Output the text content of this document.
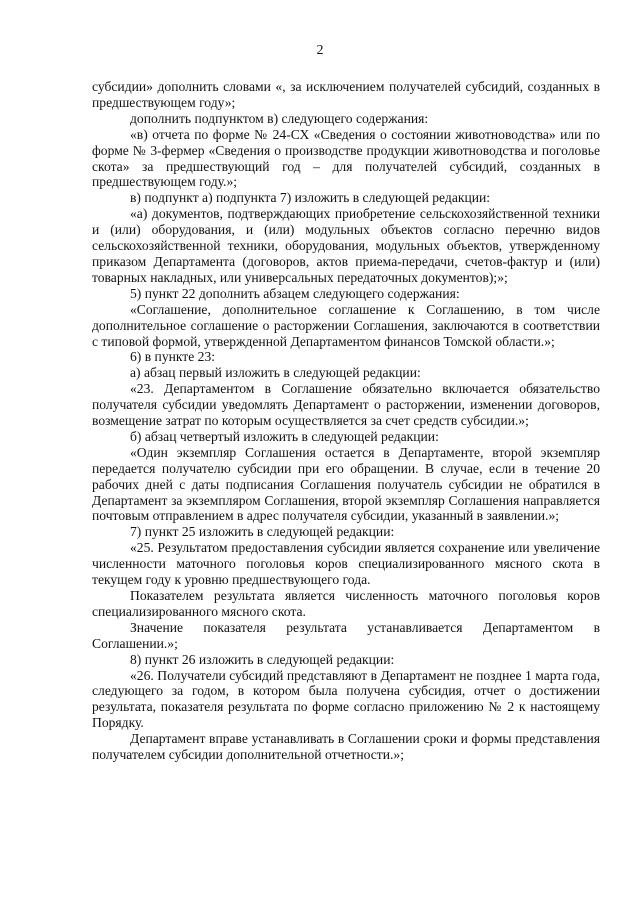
2

субсидии» дополнить словами «, за исключением получателей субсидий, созданных в предшествующем году»;

дополнить подпунктом в) следующего содержания:

«в) отчета по форме № 24-СХ «Сведения о состоянии животноводства» или по форме № 3-фермер «Сведения о производстве продукции животноводства и поголовье скота» за предшествующий год – для получателей субсидий, созданных в предшествующем году.»;

в) подпункт а) подпункта 7) изложить в следующей редакции:

«а) документов, подтверждающих приобретение сельскохозяйственной техники и (или) оборудования, и (или) модульных объектов согласно перечню видов сельскохозяйственной техники, оборудования, модульных объектов, утвержденному приказом Департамента (договоров, актов приема-передачи, счетов-фактур и (или) товарных накладных, или универсальных передаточных документов);»;

5) пункт 22 дополнить абзацем следующего содержания:

«Соглашение, дополнительное соглашение к Соглашению, в том числе дополнительное соглашение о расторжении Соглашения, заключаются в соответствии с типовой формой, утвержденной Департаментом финансов Томской области.»;

6) в пункте 23:

а) абзац первый изложить в следующей редакции:

«23. Департаментом в Соглашение обязательно включается обязательство получателя субсидии уведомлять Департамент о расторжении, изменении договоров, возмещение затрат по которым осуществляется за счет средств субсидии.»;

б) абзац четвертый изложить в следующей редакции:

«Один экземпляр Соглашения остается в Департаменте, второй экземпляр передается получателю субсидии при его обращении. В случае, если в течение 20 рабочих дней с даты подписания Соглашения получатель субсидии не обратился в Департамент за экземпляром Соглашения, второй экземпляр Соглашения направляется почтовым отправлением в адрес получателя субсидии, указанный в заявлении.»;

7) пункт 25 изложить в следующей редакции:

«25. Результатом предоставления субсидии является сохранение или увеличение численности маточного поголовья коров специализированного мясного скота в текущем году к уровню предшествующего года.

Показателем результата является численность маточного поголовья коров специализированного мясного скота.

Значение показателя результата устанавливается Департаментом в Соглашении.»;

8) пункт 26 изложить в следующей редакции:

«26. Получатели субсидий представляют в Департамент не позднее 1 марта года, следующего за годом, в котором была получена субсидия, отчет о достижении результата, показателя результата по форме согласно приложению № 2 к настоящему Порядку.

Департамент вправе устанавливать в Соглашении сроки и формы представления получателем субсидии дополнительной отчетности.»;
